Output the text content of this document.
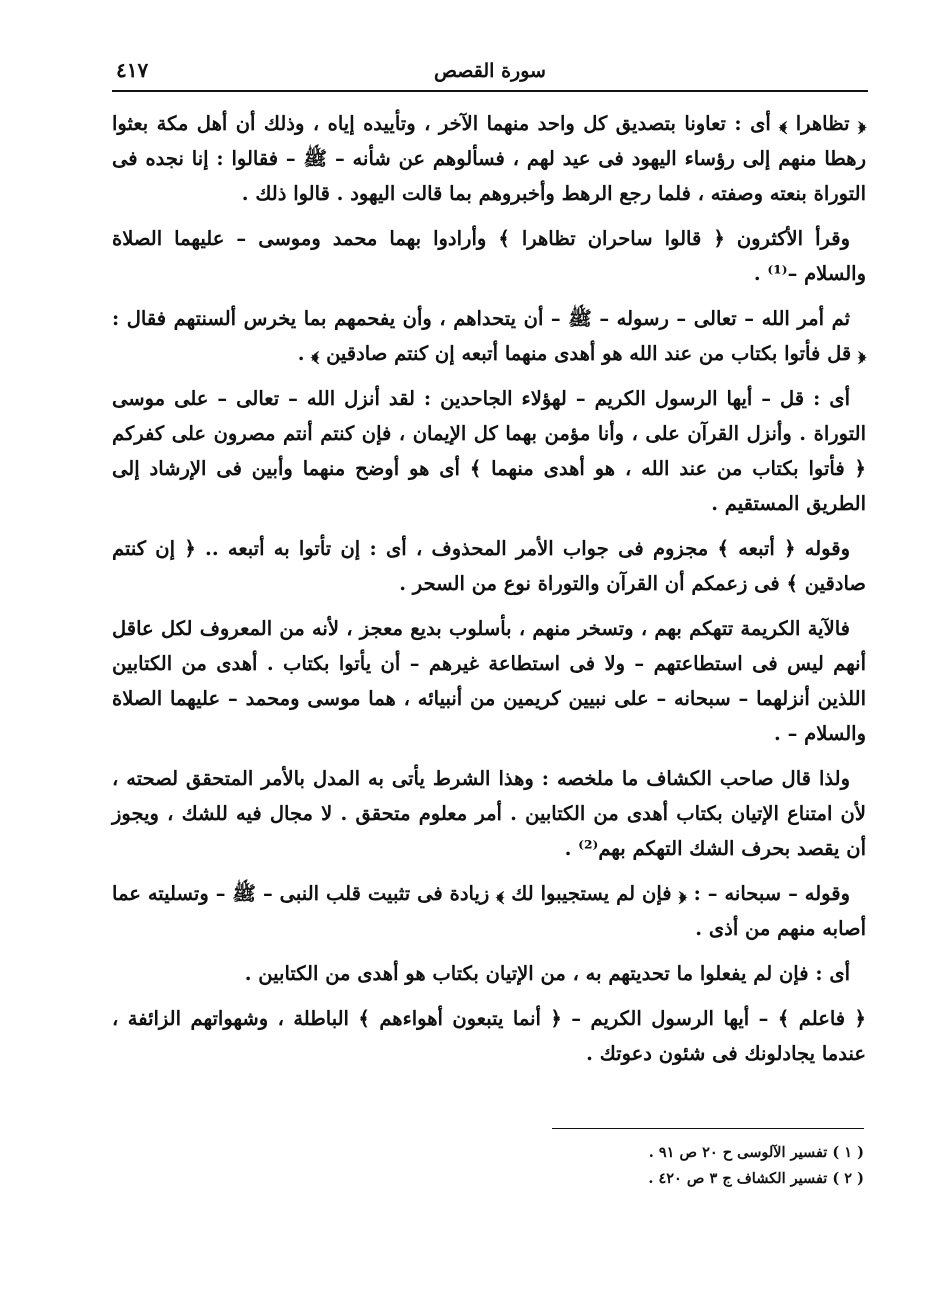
٤١٧	سورة القصص

﴿ تظاهرا ﴾ أى : تعاونا بتصديق كل واحد منهما الآخر ، وتأييده إياه ، وذلك أن أهل مكة بعثوا رهطا منهم إلى رؤساء اليهود فى عيد لهم ، فسألوهم عن شأنه – ﷺ – فقالوا : إنا نجده فى التوراة بنعته وصفته ، فلما رجع الرهط وأخبروهم بما قالت اليهود . قالوا ذلك .

وقرأ الأكثرون ﴿ قالوا ساحران تظاهرا ﴾ وأرادوا بهما محمد وموسى – عليهما الصلاة والسلام –⁽¹⁾ .

ثم أمر الله – تعالى – رسوله – ﷺ – أن يتحداهم ، وأن يفحمهم بما يخرس ألسنتهم فقال : ﴿ قل فأتوا بكتاب من عند الله هو أهدى منهما أتبعه إن كنتم صادقين ﴾ .

أى : قل – أيها الرسول الكريم – لهؤلاء الجاحدين : لقد أنزل الله – تعالى – على موسى التوراة . وأنزل القرآن على ، وأنا مؤمن بهما كل الإيمان ، فإن كنتم أنتم مصرون على كفركم ﴿ فأتوا بكتاب من عند الله ، هو أهدى منهما ﴾ أى هو أوضح منهما وأبين فى الإرشاد إلى الطريق المستقيم .

وقوله ﴿ أتبعه ﴾ مجزوم فى جواب الأمر المحذوف ، أى : إن تأتوا به أتبعه .. ﴿ إن كنتم صادقين ﴾ فى زعمكم أن القرآن والتوراة نوع من السحر .

فالآية الكريمة تتهكم بهم ، وتسخر منهم ، بأسلوب بديع معجز ، لأنه من المعروف لكل عاقل أنهم ليس فى استطاعتهم – ولا فى استطاعة غيرهم – أن يأتوا بكتاب . أهدى من الكتابين اللذين أنزلهما – سبحانه – على نبيين كريمين من أنبيائه ، هما موسى ومحمد – عليهما الصلاة والسلام – .

ولذا قال صاحب الكشاف ما ملخصه : وهذا الشرط يأتى به المدل بالأمر المتحقق لصحته ، لأن امتناع الإتيان بكتاب أهدى من الكتابين . أمر معلوم متحقق . لا مجال فيه للشك ، ويجوز أن يقصد بحرف الشك التهكم بهم⁽²⁾ .

وقوله – سبحانه – : ﴿ فإن لم يستجيبوا لك ﴾ زيادة فى تثبيت قلب النبى – ﷺ – وتسليته عما أصابه منهم من أذى .

أى : فإن لم يفعلوا ما تحديتهم به ، من الإتيان بكتاب هو أهدى من الكتابين .

﴿ فاعلم ﴾ – أيها الرسول الكريم – ﴿ أنما يتبعون أهواءهم ﴾ الباطلة ، وشهواتهم الزائفة ، عندما يجادلونك فى شئون دعوتك .

( ١ ) تفسير الآلوسى ح ٢٠ ص ٩١ .
( ٢ ) تفسير الكشاف ج ٣ ص ٤٢٠ .
